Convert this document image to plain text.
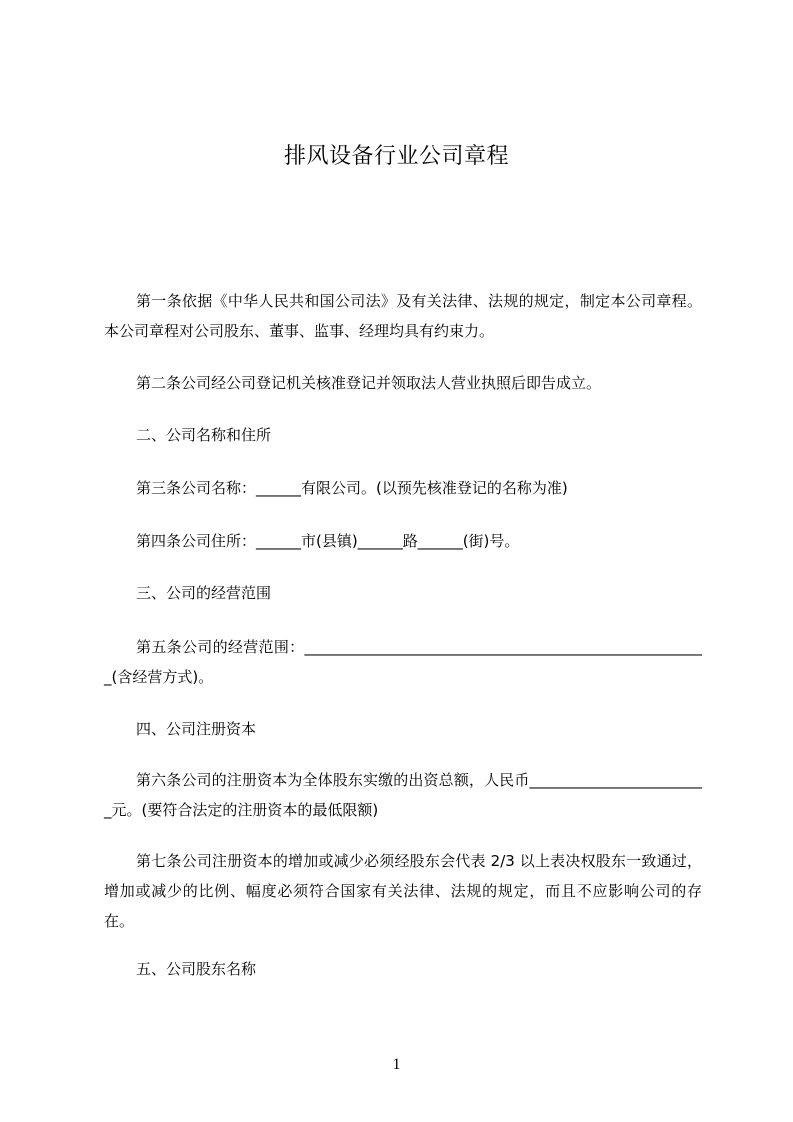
排风设备行业公司章程

第一条依据《中华人民共和国公司法》及有关法律、法规的规定，制定本公司章程。本公司章程对公司股东、董事、监事、经理均具有约束力。

第二条公司经公司登记机关核准登记并领取法人营业执照后即告成立。

二、公司名称和住所

第三条公司名称：______有限公司。(以预先核准登记的名称为准)

第四条公司住所：______市(县镇)______路______(街)号。

三、公司的经营范围

第五条公司的经营范围：______________________________________________________(含经营方式)。

四、公司注册资本

第六条公司的注册资本为全体股东实缴的出资总额，人民币________________________元。(要符合法定的注册资本的最低限额)

第七条公司注册资本的增加或减少必须经股东会代表 2/3 以上表决权股东一致通过，增加或减少的比例、幅度必须符合国家有关法律、法规的规定，而且不应影响公司的存在。

五、公司股东名称

1
